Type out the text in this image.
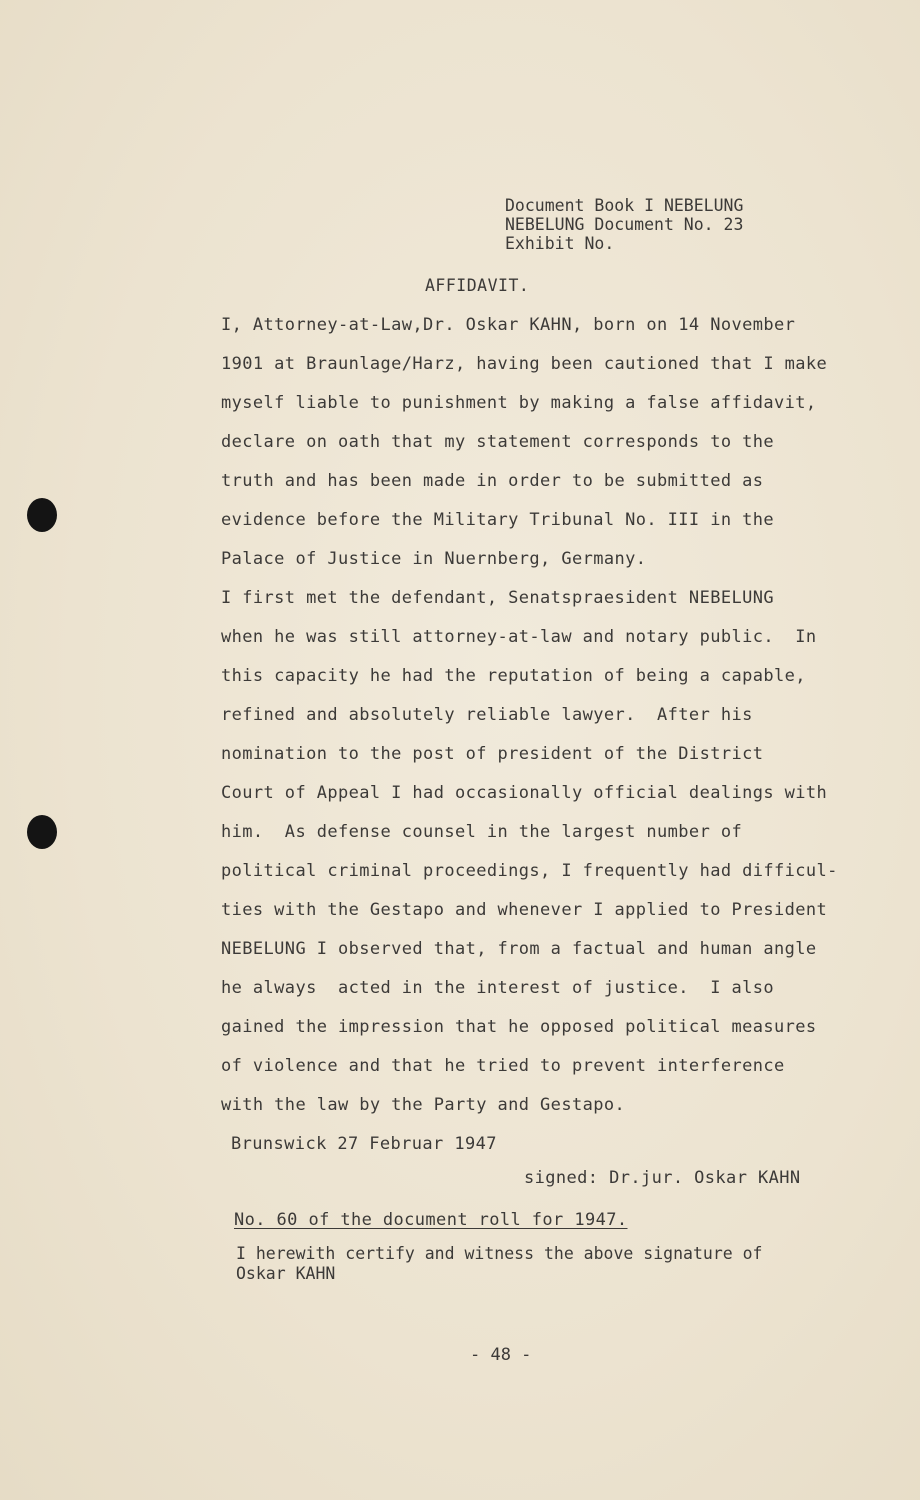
Document Book I NEBELUNG
NEBELUNG Document No. 23
Exhibit No.
AFFIDAVIT.
I, Attorney-at-Law,Dr. Oskar KAHN, born on 14 November
1901 at Braunlage/Harz, having been cautioned that I make
myself liable to punishment by making a false affidavit,
declare on oath that my statement corresponds to the
truth and has been made in order to be submitted as
evidence before the Military Tribunal No. III in the
Palace of Justice in Nuernberg, Germany.
I first met the defendant, Senatspraesident NEBELUNG
when he was still attorney-at-law and notary public.  In
this capacity he had the reputation of being a capable,
refined and absolutely reliable lawyer.  After his
nomination to the post of president of the District
Court of Appeal I had occasionally official dealings with
him.  As defense counsel in the largest number of
political criminal proceedings, I frequently had difficul-
ties with the Gestapo and whenever I applied to President
NEBELUNG I observed that, from a factual and human angle
he always  acted in the interest of justice.  I also
gained the impression that he opposed political measures
of violence and that he tried to prevent interference
with the law by the Party and Gestapo.
Brunswick 27 Februar 1947
signed: Dr.jur. Oskar KAHN
No. 60 of the document roll for 1947.
I herewith certify and witness the above signature of
Oskar KAHN
- 48 -
